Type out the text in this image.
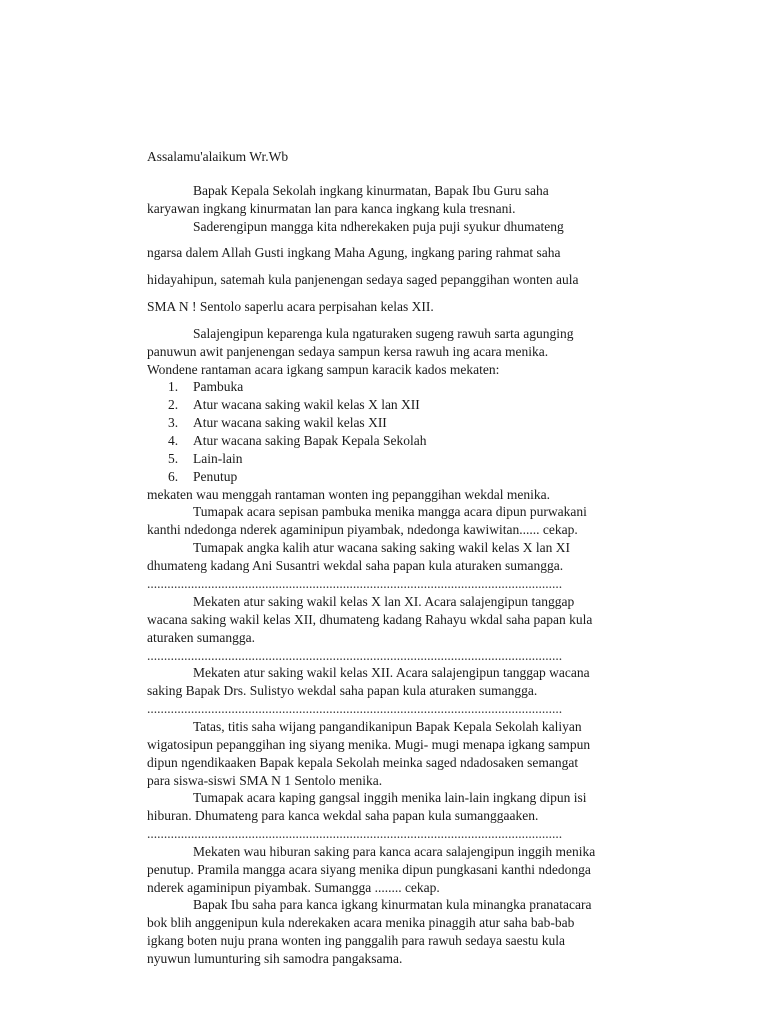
Assalamu'alaikum Wr.Wb
Bapak Kepala Sekolah ingkang kinurmatan, Bapak Ibu Guru saha
karyawan ingkang kinurmatan lan para kanca ingkang kula tresnani.
Saderengipun mangga kita ndherekaken puja puji syukur dhumateng
ngarsa dalem Allah Gusti ingkang Maha Agung, ingkang paring rahmat saha
hidayahipun, satemah kula panjenengan sedaya saged pepanggihan wonten aula
SMA N ! Sentolo saperlu acara perpisahan kelas XII.
Salajengipun keparenga kula ngaturaken sugeng rawuh sarta agunging
panuwun awit panjenengan sedaya sampun kersa rawuh ing acara menika.
Wondene rantaman acara igkang sampun karacik kados mekaten:
1.	Pambuka
2.	Atur wacana saking wakil kelas X lan XII
3.	Atur wacana saking wakil kelas XII
4.	Atur wacana saking Bapak Kepala Sekolah
5.	Lain-lain
6.	Penutup
mekaten wau menggah rantaman wonten ing pepanggihan wekdal menika.
Tumapak acara sepisan pambuka menika mangga acara dipun purwakani
kanthi ndedonga nderek agaminipun piyambak, ndedonga kawiwitan...... cekap.
Tumapak angka kalih atur wacana saking saking wakil kelas X lan XI
dhumateng kadang Ani Susantri wekdal saha papan kula aturaken sumangga.
...........................................................................................................................
Mekaten atur saking wakil kelas X lan XI. Acara salajengipun tanggap
wacana saking wakil kelas XII, dhumateng kadang Rahayu wkdal saha papan kula
aturaken sumangga.
...........................................................................................................................
Mekaten atur saking wakil kelas XII. Acara salajengipun tanggap wacana
saking Bapak Drs. Sulistyo wekdal saha papan kula aturaken sumangga.
...........................................................................................................................
Tatas, titis saha wijang pangandikanipun Bapak Kepala Sekolah kaliyan
wigatosipun pepanggihan ing siyang menika. Mugi- mugi menapa igkang sampun
dipun ngendikaaken Bapak kepala Sekolah meinka saged ndadosaken semangat
para siswa-siswi SMA N 1 Sentolo menika.
Tumapak acara kaping gangsal inggih menika lain-lain ingkang dipun isi
hiburan. Dhumateng para kanca wekdal saha papan kula sumanggaaken.
...........................................................................................................................
Mekaten wau hiburan saking para kanca acara salajengipun inggih menika
penutup. Pramila mangga acara siyang menika dipun pungkasani kanthi ndedonga
nderek agaminipun piyambak. Sumangga ........ cekap.
Bapak Ibu saha para kanca igkang kinurmatan kula minangka pranatacara
bok blih anggenipun kula nderekaken acara menika pinaggih atur saha bab-bab
igkang boten nuju prana wonten ing panggalih para rawuh sedaya saestu kula
nyuwun lumunturing sih samodra pangaksama.
